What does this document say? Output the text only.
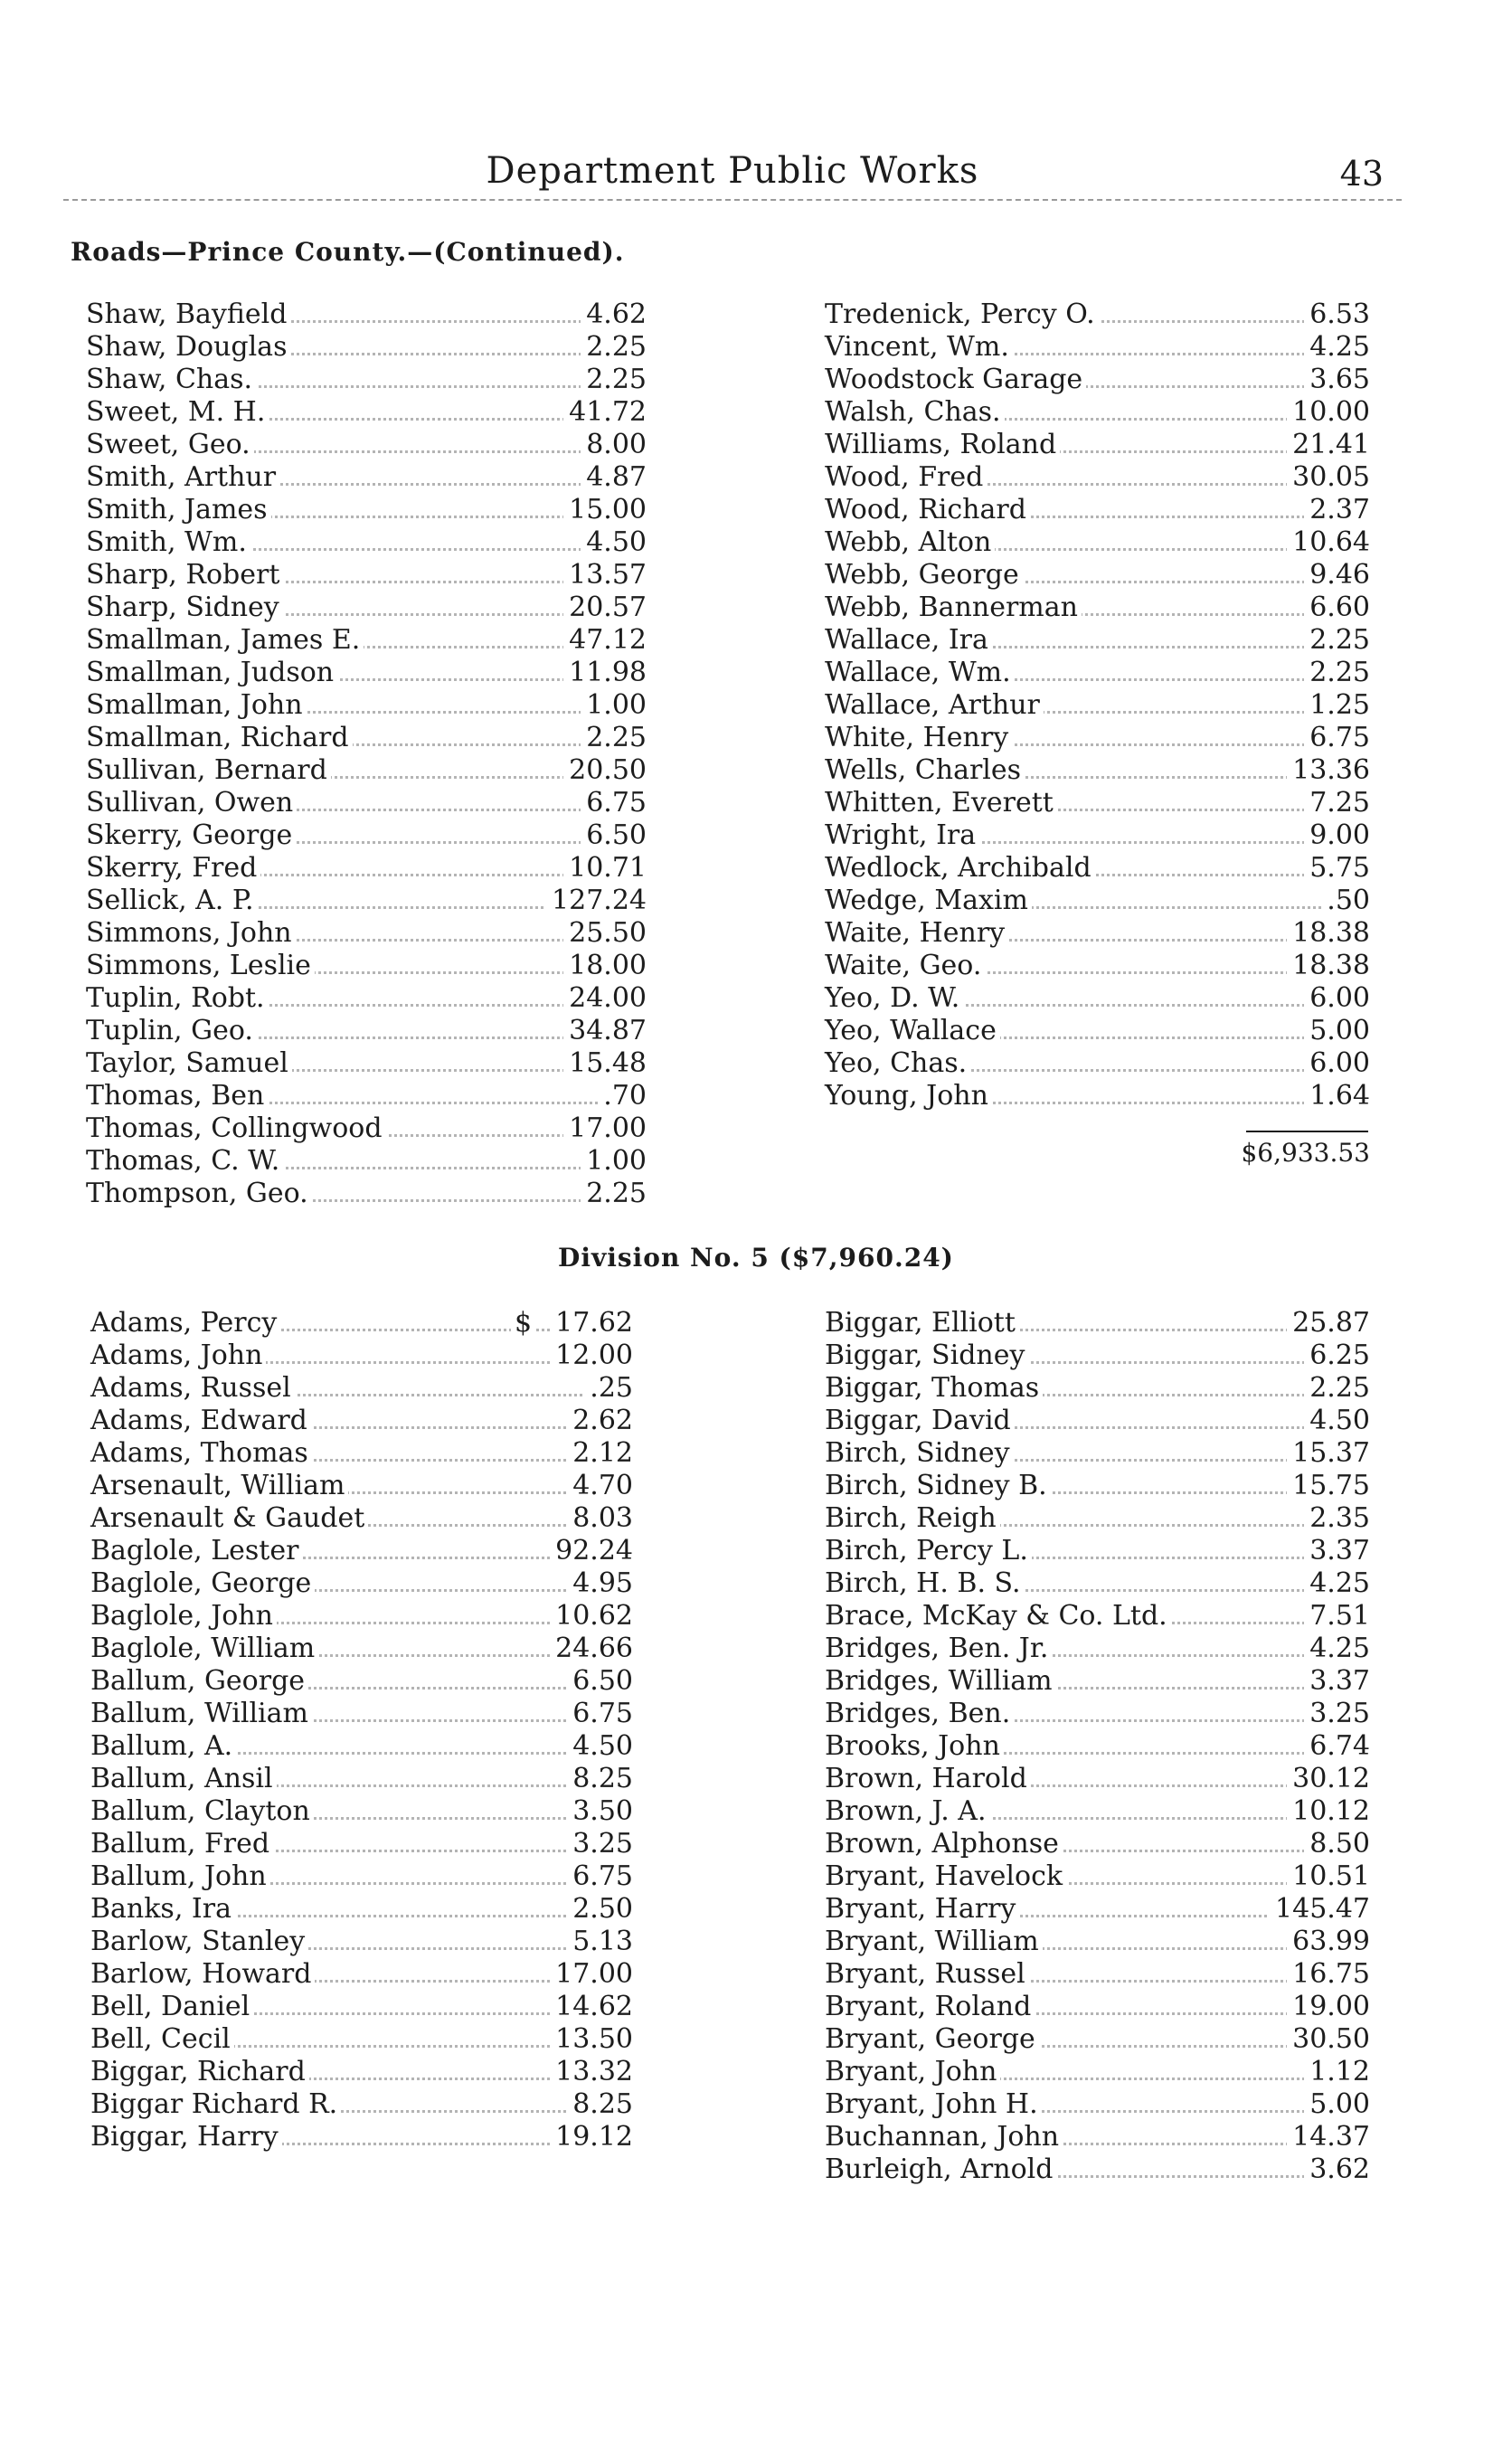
Department Public Works	43
Roads—Prince County.—(Continued).
Shaw, Bayfield	4.62
Shaw, Douglas	2.25
Shaw, Chas.	2.25
Sweet, M. H.	41.72
Sweet, Geo.	8.00
Smith, Arthur	4.87
Smith, James	15.00
Smith, Wm.	4.50
Sharp, Robert	13.57
Sharp, Sidney	20.57
Smallman, James E.	47.12
Smallman, Judson	11.98
Smallman, John	1.00
Smallman, Richard	2.25
Sullivan, Bernard	20.50
Sullivan, Owen	6.75
Skerry, George	6.50
Skerry, Fred	10.71
Sellick, A. P.	127.24
Simmons, John	25.50
Simmons, Leslie	18.00
Tuplin, Robt.	24.00
Tuplin, Geo.	34.87
Taylor, Samuel	15.48
Thomas, Ben	.70
Thomas, Collingwood	17.00
Thomas, C. W.	1.00
Thompson, Geo.	2.25
Tredenick, Percy O.	6.53
Vincent, Wm.	4.25
Woodstock Garage	3.65
Walsh, Chas.	10.00
Williams, Roland	21.41
Wood, Fred	30.05
Wood, Richard	2.37
Webb, Alton	10.64
Webb, George	9.46
Webb, Bannerman	6.60
Wallace, Ira	2.25
Wallace, Wm.	2.25
Wallace, Arthur	1.25
White, Henry	6.75
Wells, Charles	13.36
Whitten, Everett	7.25
Wright, Ira	9.00
Wedlock, Archibald	5.75
Wedge, Maxim	.50
Waite, Henry	18.38
Waite, Geo.	18.38
Yeo, D. W.	6.00
Yeo, Wallace	5.00
Yeo, Chas.	6.00
Young, John	1.64
$6,933.53
Division No. 5 ($7,960.24)
Adams, Percy	$ 17.62
Adams, John	12.00
Adams, Russel	.25
Adams, Edward	2.62
Adams, Thomas	2.12
Arsenault, William	4.70
Arsenault & Gaudet	8.03
Baglole, Lester	92.24
Baglole, George	4.95
Baglole, John	10.62
Baglole, William	24.66
Ballum, George	6.50
Ballum, William	6.75
Ballum, A.	4.50
Ballum, Ansil	8.25
Ballum, Clayton	3.50
Ballum, Fred	3.25
Ballum, John	6.75
Banks, Ira	2.50
Barlow, Stanley	5.13
Barlow, Howard	17.00
Bell, Daniel	14.62
Bell, Cecil	13.50
Biggar, Richard	13.32
Biggar Richard R.	8.25
Biggar, Harry	19.12
Biggar, Elliott	25.87
Biggar, Sidney	6.25
Biggar, Thomas	2.25
Biggar, David	4.50
Birch, Sidney	15.37
Birch, Sidney B.	15.75
Birch, Reigh	2.35
Birch, Percy L.	3.37
Birch, H. B. S.	4.25
Brace, McKay & Co. Ltd.	7.51
Bridges, Ben. Jr.	4.25
Bridges, William	3.37
Bridges, Ben.	3.25
Brooks, John	6.74
Brown, Harold	30.12
Brown, J. A.	10.12
Brown, Alphonse	8.50
Bryant, Havelock	10.51
Bryant, Harry	145.47
Bryant, William	63.99
Bryant, Russel	16.75
Bryant, Roland	19.00
Bryant, George	30.50
Bryant, John	1.12
Bryant, John H.	5.00
Buchannan, John	14.37
Burleigh, Arnold	3.62
